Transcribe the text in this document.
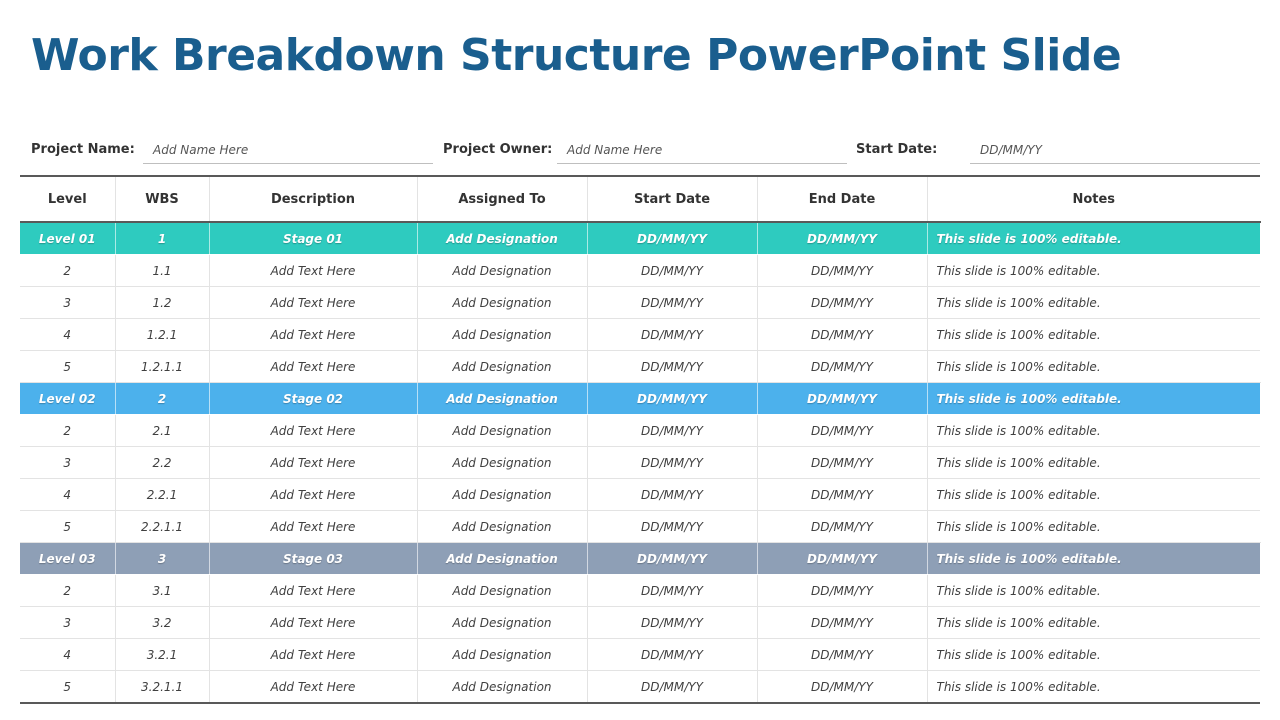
Work Breakdown Structure PowerPoint Slide
Project Name:	Add Name Here	Project Owner:	Add Name Here	Start Date:	DD/MM/YY
Level	WBS	Description	Assigned To	Start Date	End Date	Notes
Level 01	1	Stage 01	Add Designation	DD/MM/YY	DD/MM/YY	This slide is 100% editable.
2	1.1	Add Text Here	Add Designation	DD/MM/YY	DD/MM/YY	This slide is 100% editable.
3	1.2	Add Text Here	Add Designation	DD/MM/YY	DD/MM/YY	This slide is 100% editable.
4	1.2.1	Add Text Here	Add Designation	DD/MM/YY	DD/MM/YY	This slide is 100% editable.
5	1.2.1.1	Add Text Here	Add Designation	DD/MM/YY	DD/MM/YY	This slide is 100% editable.
Level 02	2	Stage 02	Add Designation	DD/MM/YY	DD/MM/YY	This slide is 100% editable.
2	2.1	Add Text Here	Add Designation	DD/MM/YY	DD/MM/YY	This slide is 100% editable.
3	2.2	Add Text Here	Add Designation	DD/MM/YY	DD/MM/YY	This slide is 100% editable.
4	2.2.1	Add Text Here	Add Designation	DD/MM/YY	DD/MM/YY	This slide is 100% editable.
5	2.2.1.1	Add Text Here	Add Designation	DD/MM/YY	DD/MM/YY	This slide is 100% editable.
Level 03	3	Stage 03	Add Designation	DD/MM/YY	DD/MM/YY	This slide is 100% editable.
2	3.1	Add Text Here	Add Designation	DD/MM/YY	DD/MM/YY	This slide is 100% editable.
3	3.2	Add Text Here	Add Designation	DD/MM/YY	DD/MM/YY	This slide is 100% editable.
4	3.2.1	Add Text Here	Add Designation	DD/MM/YY	DD/MM/YY	This slide is 100% editable.
5	3.2.1.1	Add Text Here	Add Designation	DD/MM/YY	DD/MM/YY	This slide is 100% editable.
